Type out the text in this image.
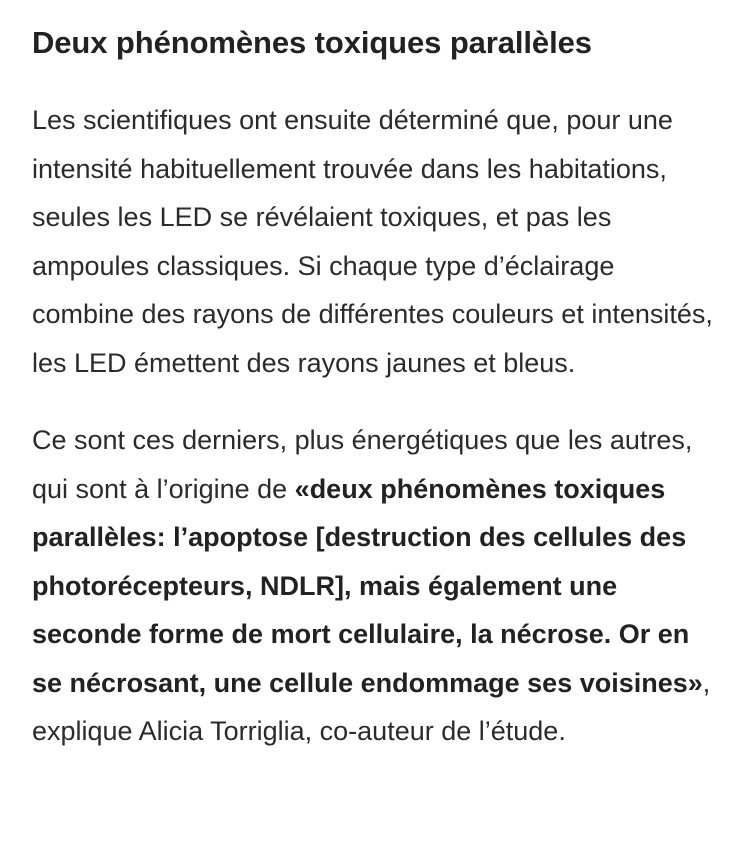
Deux phénomènes toxiques parallèles

Les scientifiques ont ensuite déterminé que, pour une intensité habituellement trouvée dans les habitations, seules les LED se révélaient toxiques, et pas les ampoules classiques. Si chaque type d’éclairage combine des rayons de différentes couleurs et intensités, les LED émettent des rayons jaunes et bleus.

Ce sont ces derniers, plus énergétiques que les autres, qui sont à l’origine de «deux phénomènes toxiques parallèles: l’apoptose [destruction des cellules des photorécepteurs, NDLR], mais également une seconde forme de mort cellulaire, la nécrose. Or en se nécrosant, une cellule endommage ses voisines», explique Alicia Torriglia, co-auteur de l’étude.
